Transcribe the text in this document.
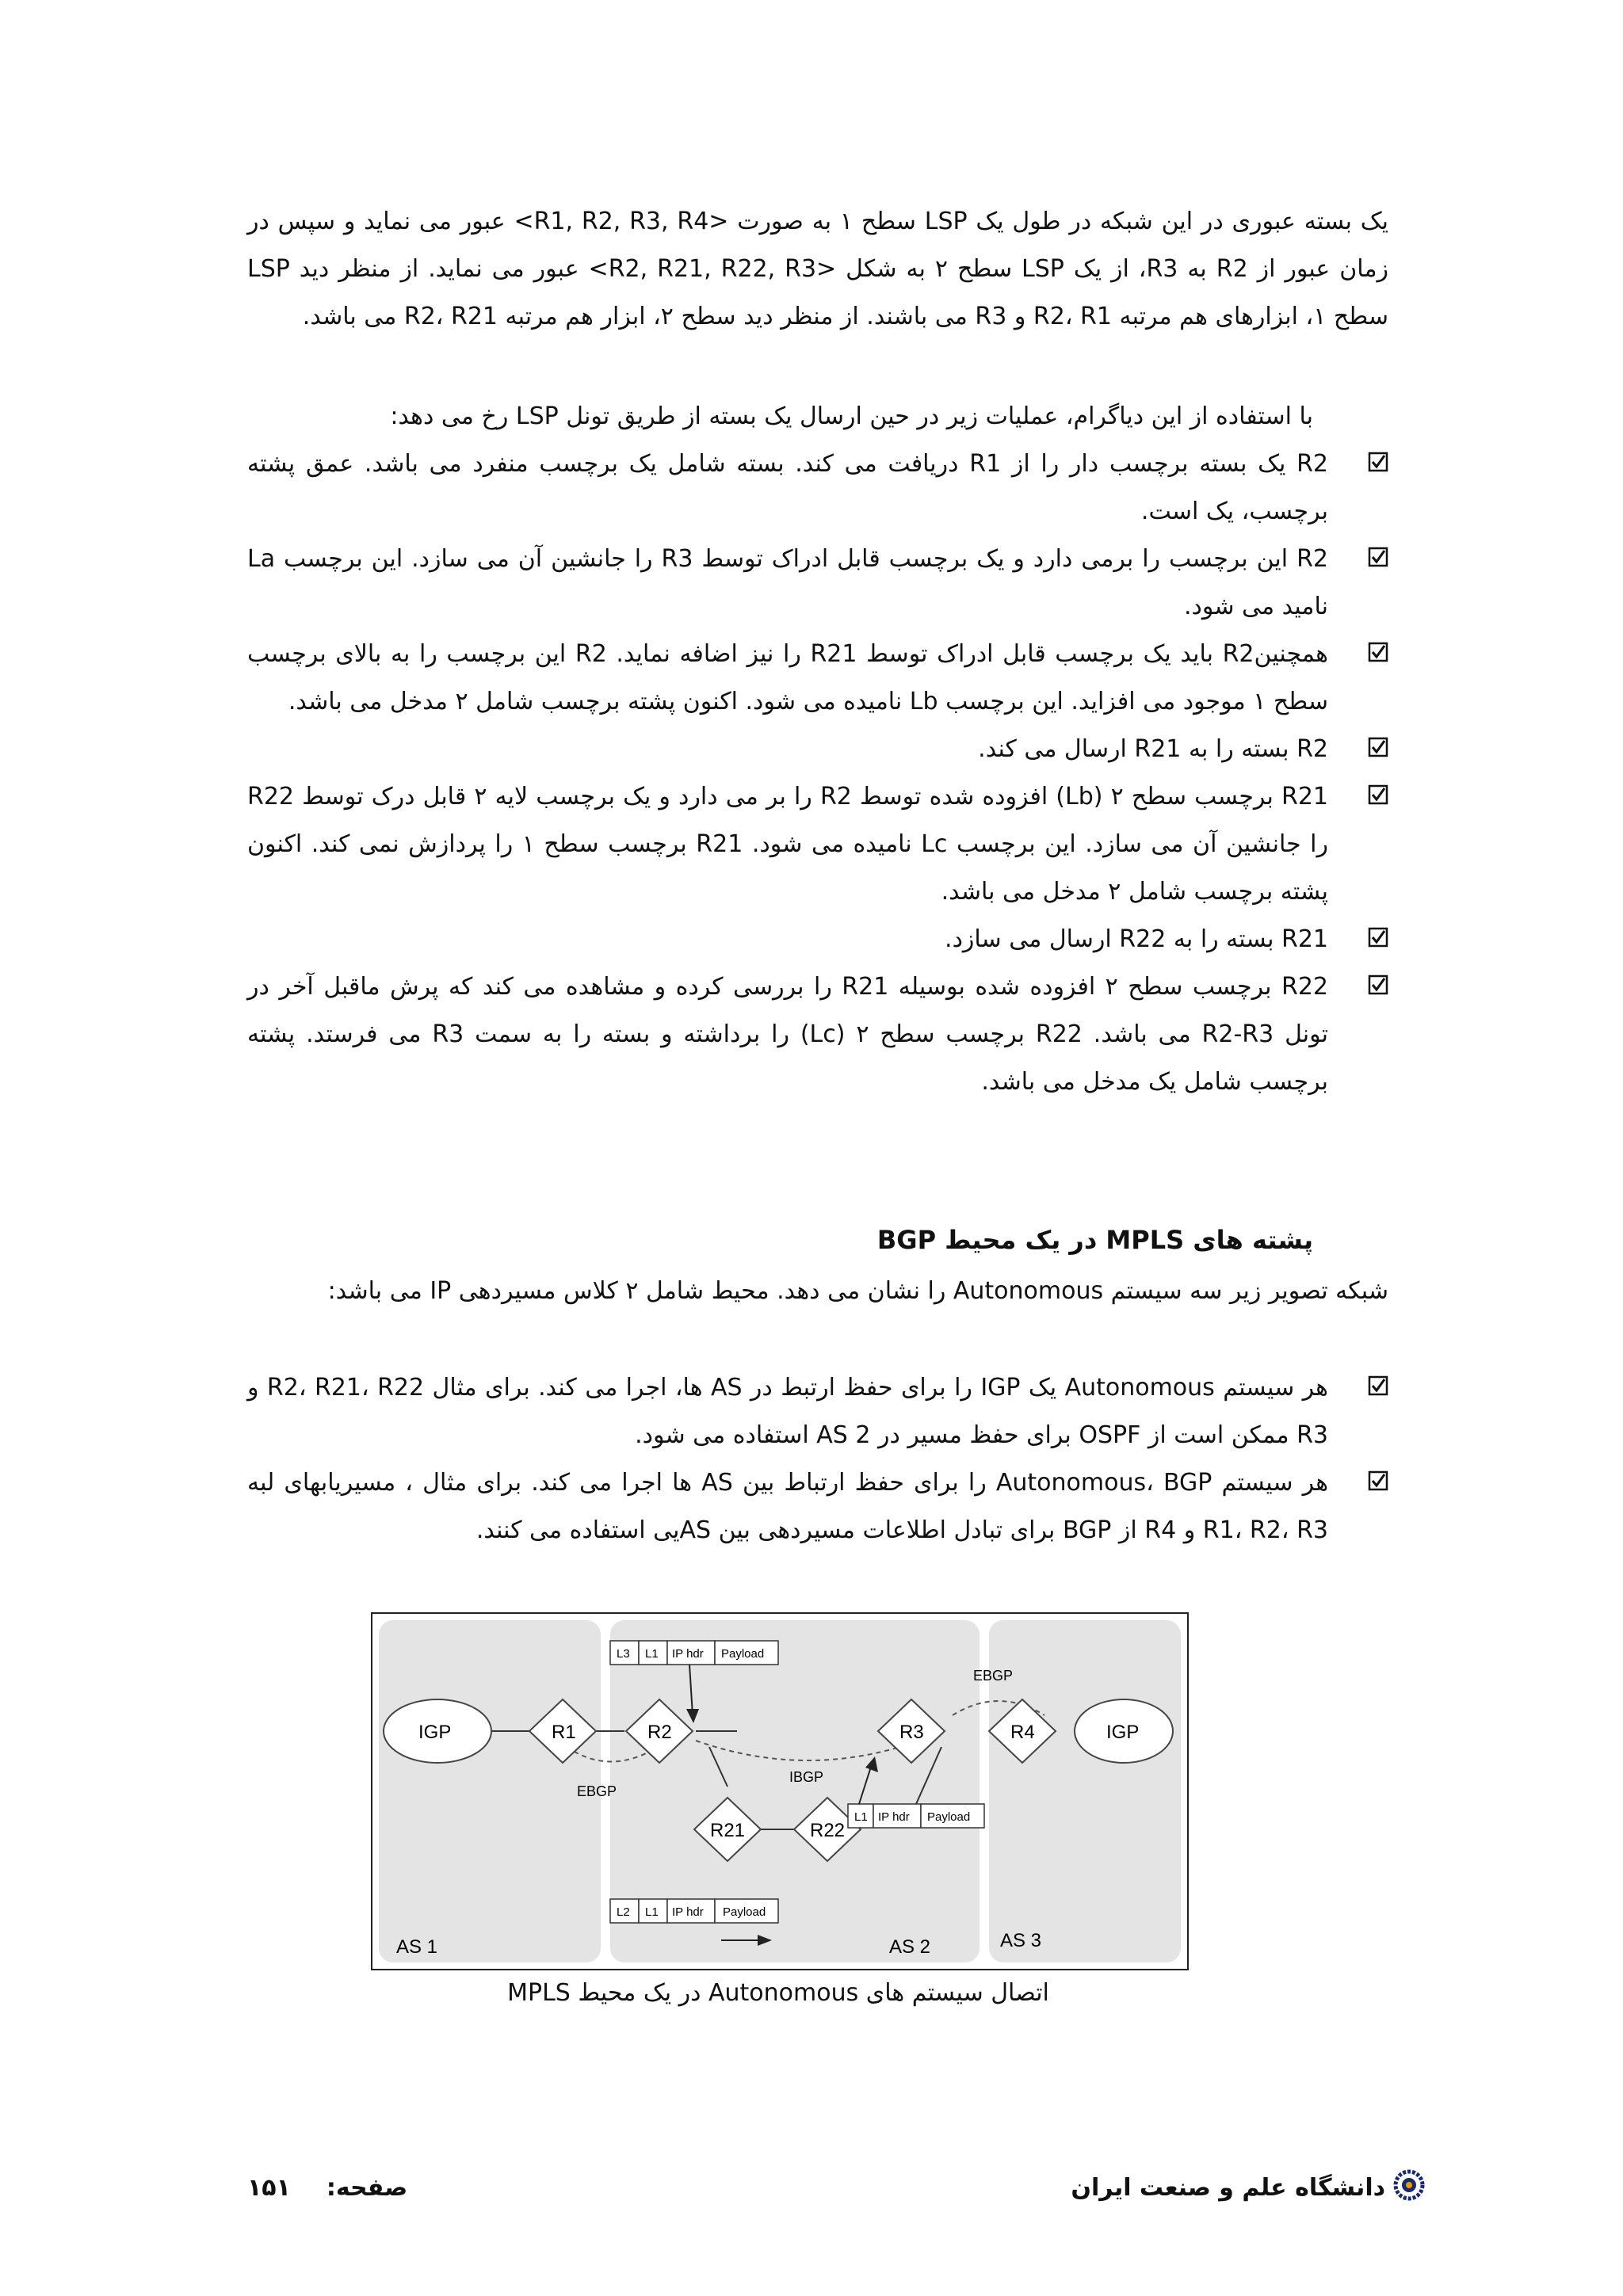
یک بسته عبوری در این شبکه در طول یک LSP سطح ۱ به صورت <R1, R2, R3, R4> عبور می نماید و سپس در زمان عبور از R2 به R3، از یک LSP سطح ۲ به شکل <R2, R21, R22, R3> عبور می نماید. از منظر دید LSP سطح ۱، ابزارهای هم مرتبه R2، R1 و R3 می باشند. از منظر دید سطح ۲، ابزار هم مرتبه R2، R21 می باشد.

با استفاده از این دیاگرام، عملیات زیر در حین ارسال یک بسته از طریق تونل LSP رخ می دهد:

R2 یک بسته برچسب دار را از R1 دریافت می کند. بسته شامل یک برچسب منفرد می باشد. عمق پشته برچسب، یک است.
R2 این برچسب را برمی دارد و یک برچسب قابل ادراک توسط R3 را جانشین آن می سازد. این برچسب La نامید می شود.
همچنینR2 باید یک برچسب قابل ادراک توسط R21 را نیز اضافه نماید. R2 این برچسب را به بالای برچسب سطح ۱ موجود می افزاید. این برچسب Lb نامیده می شود. اکنون پشته برچسب شامل ۲ مدخل می باشد.
R2 بسته را به R21 ارسال می کند.
R21 برچسب سطح ۲ (Lb) افزوده شده توسط R2 را بر می دارد و یک برچسب لایه ۲ قابل درک توسط R22 را جانشین آن می سازد. این برچسب Lc نامیده می شود. R21 برچسب سطح ۱ را پردازش نمی کند. اکنون پشته برچسب شامل ۲ مدخل می باشد.
R21 بسته را به R22 ارسال می سازد.
R22 برچسب سطح ۲ افزوده شده بوسیله R21 را بررسی کرده و مشاهده می کند که پرش ماقبل آخر در تونل R2-R3 می باشد. R22 برچسب سطح ۲ (Lc) را برداشته و بسته را به سمت R3 می فرستد. پشته برچسب شامل یک مدخل می باشد.
پشته های MPLS در یک محیط BGP

شبکه تصویر زیر سه سیستم Autonomous را نشان می دهد. محیط شامل ۲ کلاس مسیردهی IP می باشد:

هر سیستم Autonomous یک IGP را برای حفظ ارتبط در AS ها، اجرا می کند. برای مثال R2، R21، R22 و R3 ممکن است از OSPF برای حفظ مسیر در AS 2 استفاده می شود.
هر سیستم Autonomous، BGP را برای حفظ ارتباط بین AS ها اجرا می کند. برای مثال ، مسیریابهای لبه R1، R2، R3 و R4 از BGP برای تبادل اطلاعات مسیردهی بین ASیی استفاده می کنند.
AS 1	AS 2	AS 3
EBGP
IBGP
EBGP
IGP	IGP
R1	R2	R3	R4
R21	R22
L3 L1 IP hdr Payload
L1 IP hdr Payload
L2 L1 IP hdr Payload
اتصال سیستم های Autonomous در یک محیط MPLS
دانشگاه علم و صنعت ایران
صفحه:  ۱۵۱
